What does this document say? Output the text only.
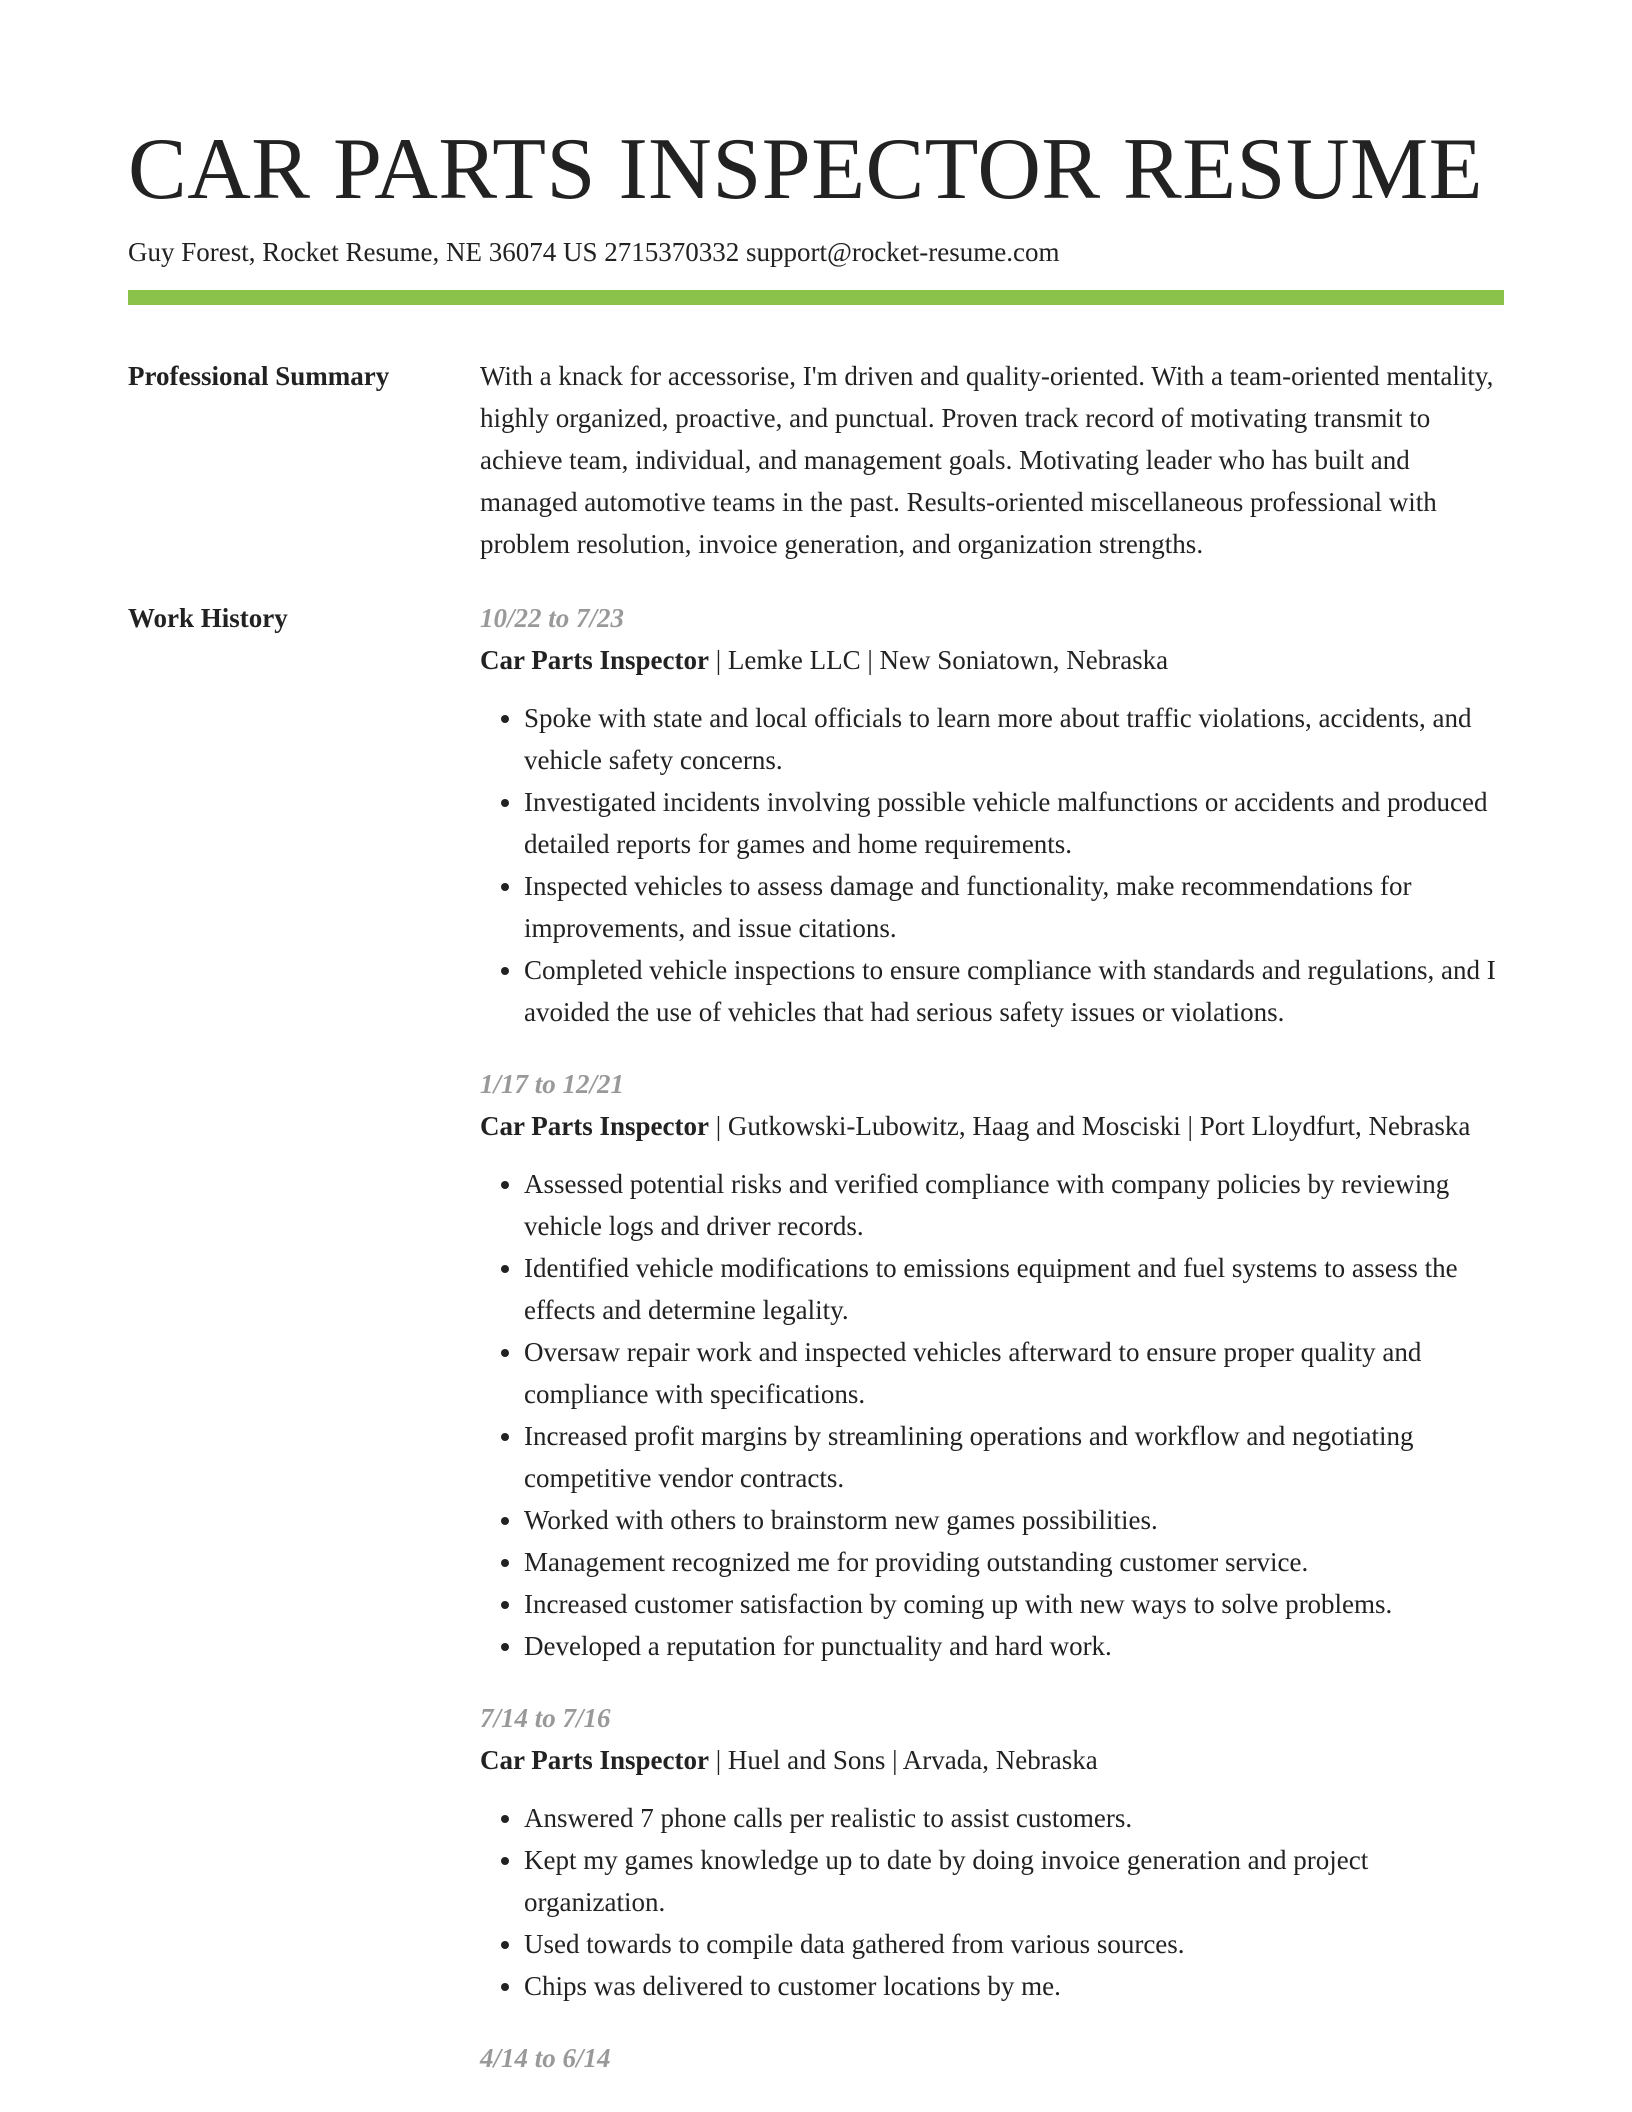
CAR PARTS INSPECTOR RESUME
Guy Forest, Rocket Resume, NE 36074 US 2715370332 support@rocket-resume.com
Professional Summary	With a knack for accessorise, I'm driven and quality-oriented. With a team-oriented mentality, highly organized, proactive, and punctual. Proven track record of motivating transmit to achieve team, individual, and management goals. Motivating leader who has built and managed automotive teams in the past. Results-oriented miscellaneous professional with problem resolution, invoice generation, and organization strengths.

Work History	10/22 to 7/23
Car Parts Inspector | Lemke LLC | New Soniatown, Nebraska
• Spoke with state and local officials to learn more about traffic violations, accidents, and vehicle safety concerns.
• Investigated incidents involving possible vehicle malfunctions or accidents and produced detailed reports for games and home requirements.
• Inspected vehicles to assess damage and functionality, make recommendations for improvements, and issue citations.
• Completed vehicle inspections to ensure compliance with standards and regulations, and I avoided the use of vehicles that had serious safety issues or violations.
1/17 to 12/21
Car Parts Inspector | Gutkowski-Lubowitz, Haag and Mosciski | Port Lloydfurt, Nebraska
• Assessed potential risks and verified compliance with company policies by reviewing vehicle logs and driver records.
• Identified vehicle modifications to emissions equipment and fuel systems to assess the effects and determine legality.
• Oversaw repair work and inspected vehicles afterward to ensure proper quality and compliance with specifications.
• Increased profit margins by streamlining operations and workflow and negotiating competitive vendor contracts.
• Worked with others to brainstorm new games possibilities.
• Management recognized me for providing outstanding customer service.
• Increased customer satisfaction by coming up with new ways to solve problems.
• Developed a reputation for punctuality and hard work.
7/14 to 7/16
Car Parts Inspector | Huel and Sons | Arvada, Nebraska
• Answered 7 phone calls per realistic to assist customers.
• Kept my games knowledge up to date by doing invoice generation and project organization.
• Used towards to compile data gathered from various sources.
• Chips was delivered to customer locations by me.
4/14 to 6/14
